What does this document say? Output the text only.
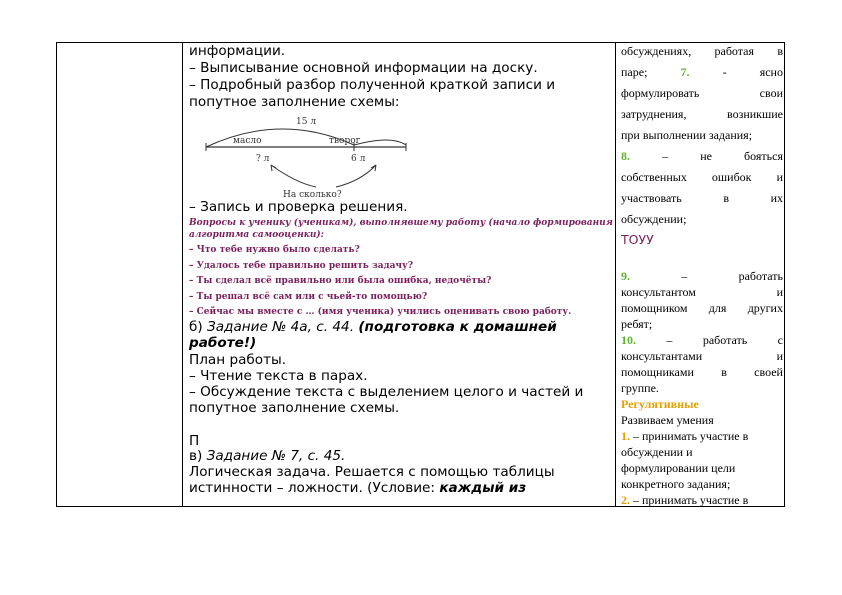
информации.
– Выписывание основной информации на доску.
– Подробный разбор полученной краткой записи и
попутное заполнение схемы:
15 л
масло	творог
? л	6 л
На сколько?
– Запись и проверка решения.
Вопросы к ученику (ученикам), выполнявшему работу (начало формирования
алгоритма самооценки):
– Что тебе нужно было сделать?
– Удалось тебе правильно решить задачу?
– Ты сделал всё правильно или была ошибка, недочёты?
– Ты решал всё сам или с чьей-то помощью?
– Сейчас мы вместе с … (имя ученика) учились оценивать свою работу.
б) Задание № 4а, с. 44. (подготовка к домашней
работе!)
План работы.
– Чтение текста в парах.
– Обсуждение текста с выделением целого и частей и
попутное заполнение схемы.
П
в) Задание № 7, с. 45.
Логическая задача. Решается с помощью таблицы
истинности – ложности. (Условие: каждый из
обсуждениях, работая в
паре;	7.	-	ясно
формулировать	свои
затруднения,	возникшие
при выполнении задания;
8.	–	не	бояться
собственных ошибок и
участвовать	в	их
обсуждении;
ТОУУ
9.	–	работать
консультантом	и
помощником для других
ребят;
10.	–	работать	с
консультантами	и
помощниками в своей
группе.
Регулятивные
Развиваем умения
1. – принимать участие в
обсуждении и
формулировании цели
конкретного задания;
2. – принимать участие в
